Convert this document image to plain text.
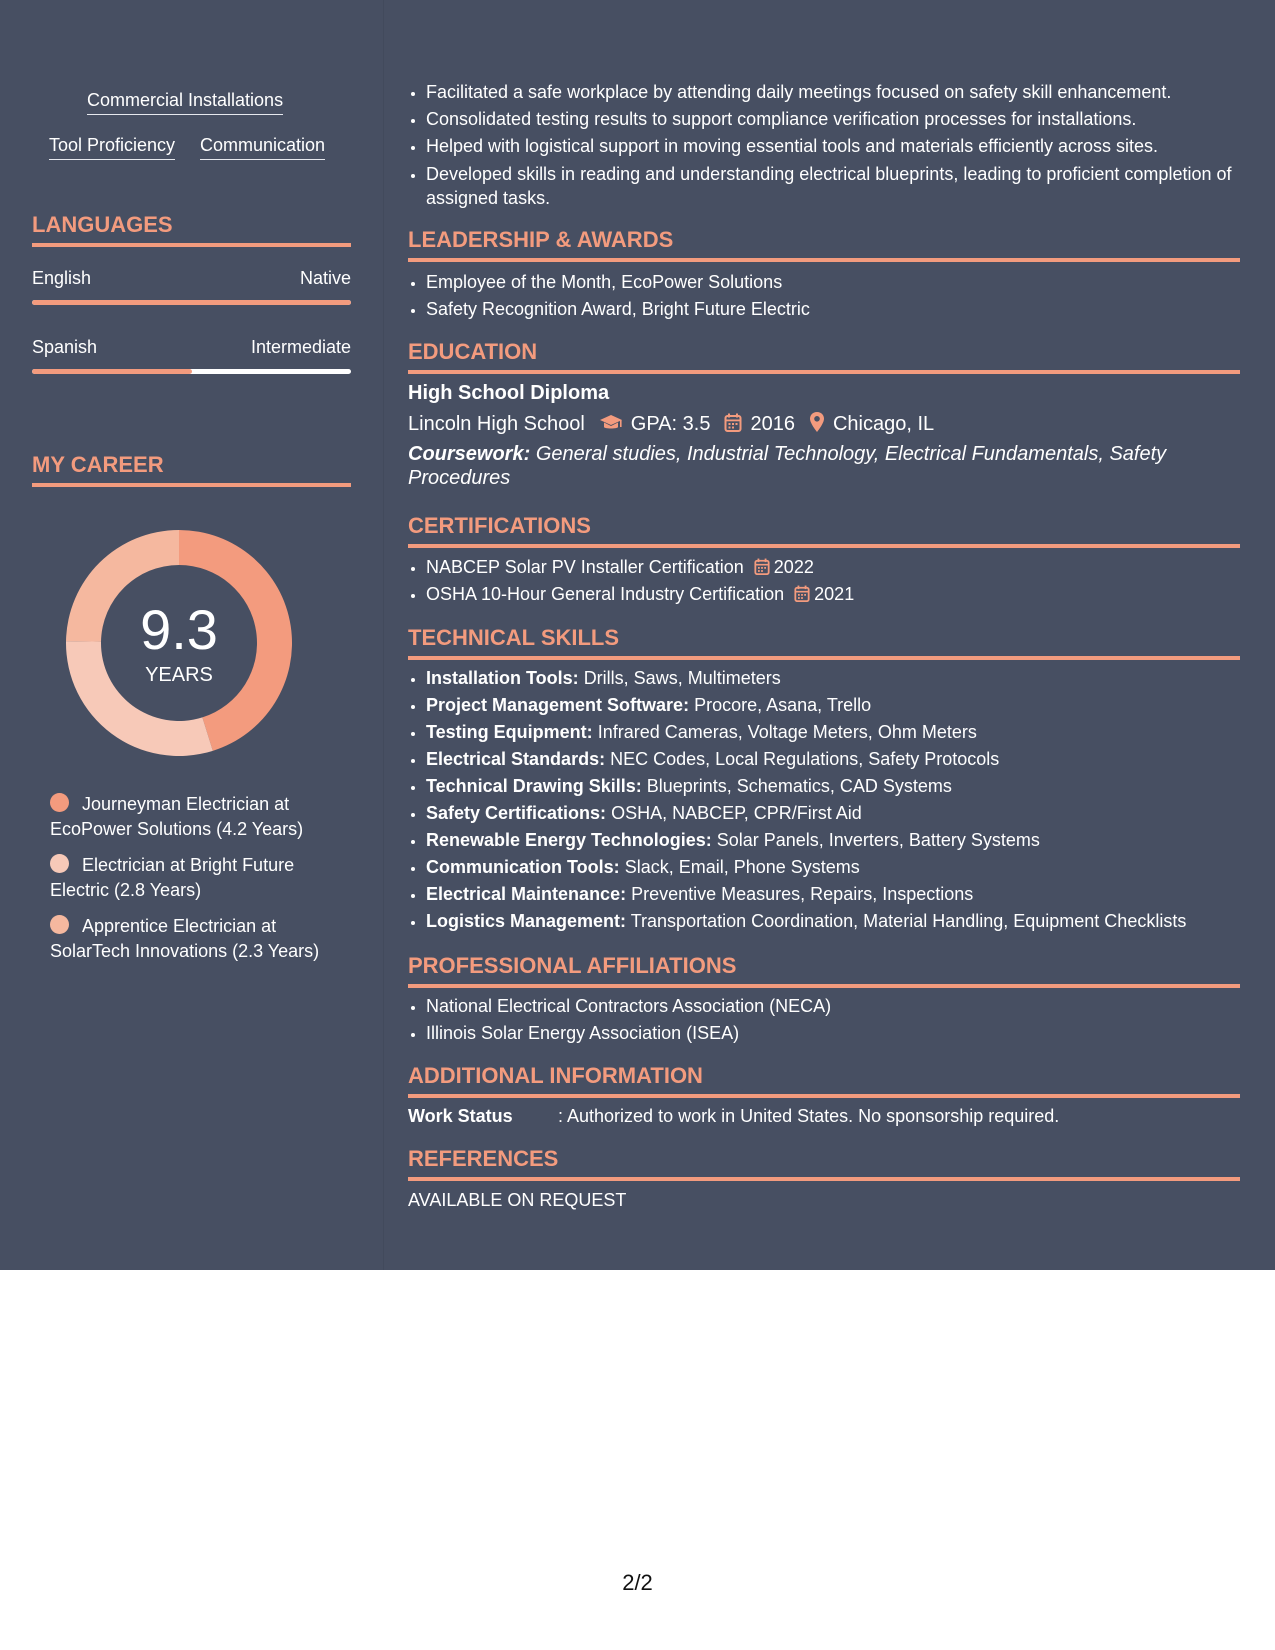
Commercial Installations
Tool Proficiency Communication
LANGUAGES
English	Native
Spanish	Intermediate
MY CAREER
9.3
YEARS
Journeyman Electrician at EcoPower Solutions (4.2 Years)
Electrician at Bright Future Electric (2.8 Years)
Apprentice Electrician at SolarTech Innovations (2.3 Years)
• Facilitated a safe workplace by attending daily meetings focused on safety skill enhancement.
• Consolidated testing results to support compliance verification processes for installations.
• Helped with logistical support in moving essential tools and materials efficiently across sites.
• Developed skills in reading and understanding electrical blueprints, leading to proficient completion of assigned tasks.
LEADERSHIP & AWARDS
• Employee of the Month, EcoPower Solutions
• Safety Recognition Award, Bright Future Electric
EDUCATION
High School Diploma
Lincoln High School GPA: 3.5 2016 Chicago, IL
Coursework: General studies, Industrial Technology, Electrical Fundamentals, Safety Procedures
CERTIFICATIONS
• NABCEP Solar PV Installer Certification 2022
• OSHA 10-Hour General Industry Certification 2021
TECHNICAL SKILLS
• Installation Tools: Drills, Saws, Multimeters
• Project Management Software: Procore, Asana, Trello
• Testing Equipment: Infrared Cameras, Voltage Meters, Ohm Meters
• Electrical Standards: NEC Codes, Local Regulations, Safety Protocols
• Technical Drawing Skills: Blueprints, Schematics, CAD Systems
• Safety Certifications: OSHA, NABCEP, CPR/First Aid
• Renewable Energy Technologies: Solar Panels, Inverters, Battery Systems
• Communication Tools: Slack, Email, Phone Systems
• Electrical Maintenance: Preventive Measures, Repairs, Inspections
• Logistics Management: Transportation Coordination, Material Handling, Equipment Checklists
PROFESSIONAL AFFILIATIONS
• National Electrical Contractors Association (NECA)
• Illinois Solar Energy Association (ISEA)
ADDITIONAL INFORMATION
Work Status	: Authorized to work in United States. No sponsorship required.
REFERENCES
AVAILABLE ON REQUEST
2/2
